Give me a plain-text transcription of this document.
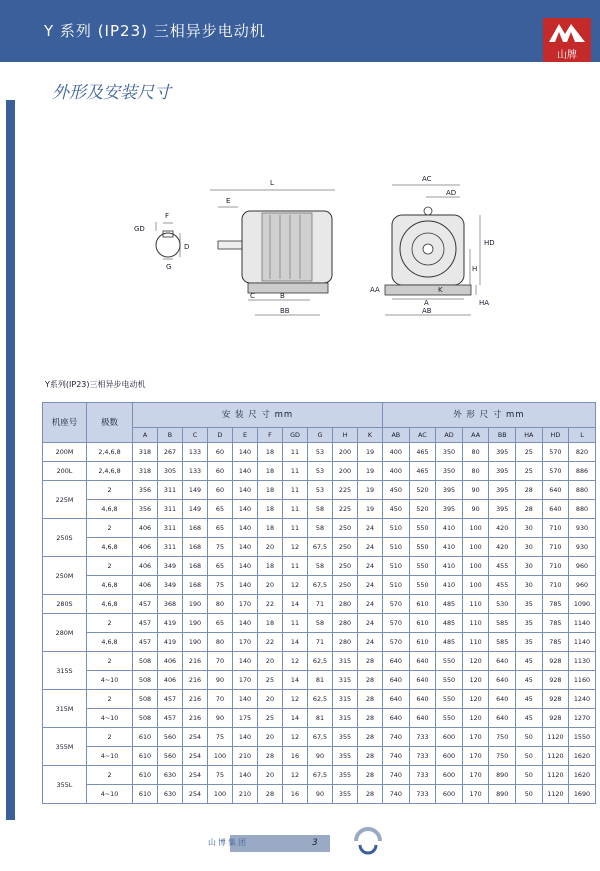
Y 系列 (IP23) 三相异步电动机
山牌
外形及安装尺寸
F
GD
G
D
L
E
C	B
BB
AC
AD
HD
H
HA
AA
A
K
AB
Y系列(IP23)三相异步电动机
机座号	极数	安 装 尺 寸 mm										外 形 尺 寸 mm							
		A	B	C	D	E	F	GD	G	H	K	AB	AC	AD	AA	BB	HA	HD	L
200M	2,4,6,8	318	267	133	60	140	18	11	53	200	19	400	465	350	80	395	25	570	820
200L	2,4,6,8	318	305	133	60	140	18	11	53	200	19	400	465	350	80	395	25	570	886
225M	2	356	311	149	60	140	18	11	53	225	19	450	520	395	90	395	28	640	880
	4,6,8	356	311	149	65	140	18	11	58	225	19	450	520	395	90	395	28	640	880
250S	2	406	311	168	65	140	18	11	58	250	24	510	550	410	100	420	30	710	930
	4,6,8	406	311	168	75	140	20	12	67,5	250	24	510	550	410	100	420	30	710	930
250M	2	406	349	168	65	140	18	11	58	250	24	510	550	410	100	455	30	710	960
	4,6,8	406	349	168	75	140	20	12	67,5	250	24	510	550	410	100	455	30	710	960
280S	4,6,8	457	368	190	80	170	22	14	71	280	24	570	610	485	110	530	35	785	1090
280M	2	457	419	190	65	140	18	11	58	280	24	570	610	485	110	585	35	785	1140
	4,6,8	457	419	190	80	170	22	14	71	280	24	570	610	485	110	585	35	785	1140
315S	2	508	406	216	70	140	20	12	62,5	315	28	640	640	550	120	640	45	928	1130
	4~10	508	406	216	90	170	25	14	81	315	28	640	640	550	120	640	45	928	1160
315M	2	508	457	216	70	140	20	12	62,5	315	28	640	640	550	120	640	45	928	1240
	4~10	508	457	216	90	175	25	14	81	315	28	640	640	550	120	640	45	928	1270
355M	2	610	560	254	75	140	20	12	67,5	355	28	740	733	600	170	750	50	1120	1550
	4~10	610	560	254	100	210	28	16	90	355	28	740	733	600	170	750	50	1120	1620
355L	2	610	630	254	75	140	20	12	67,5	355	28	740	733	600	170	890	50	1120	1620
	4~10	610	630	254	100	210	28	16	90	355	28	740	733	600	170	890	50	1120	1690
山博集团	3
